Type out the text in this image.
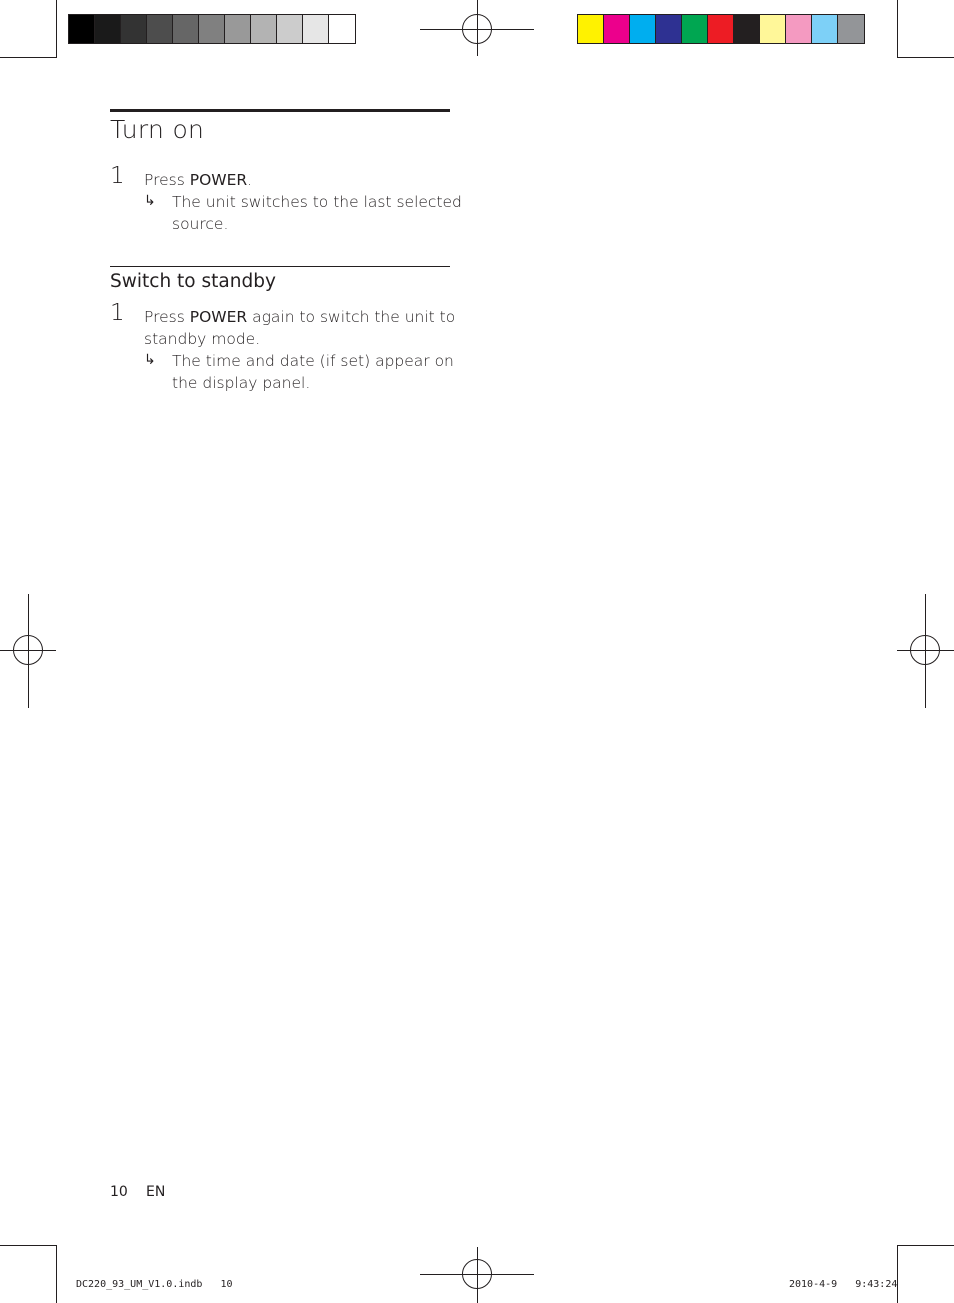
Turn on
1 Press POWER.
↳ The unit switches to the last selected
source.
Switch to standby
1 Press POWER again to switch the unit to
standby mode.
↳ The time and date (if set) appear on
the display panel.
10 EN
DC220_93_UM_V1.0.indb   10	2010-4-9   9:43:24
